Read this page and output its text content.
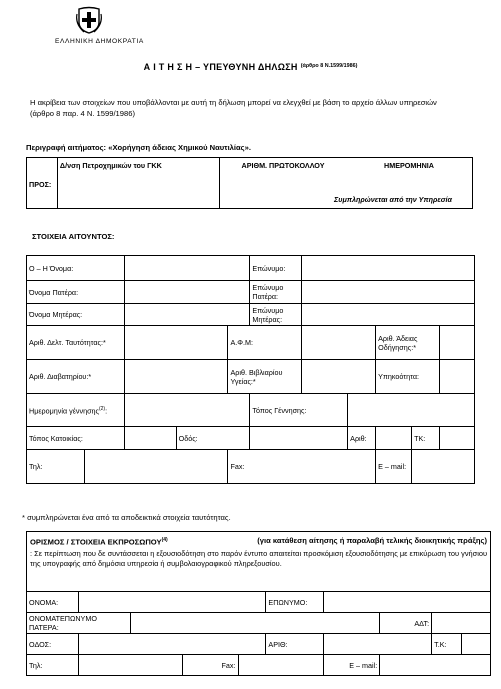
ΕΛΛΗΝΙΚΗ ΔΗΜΟΚΡΑΤΙΑ
Α Ι Τ Η Σ Η – ΥΠΕΥΘΥΝΗ ΔΗΛΩΣΗ $^{(ά\rho\theta\rho o 8 N.1599/1986)}$
Η ακρίβεια των στοιχείων που υποβάλλονται με αυτή τη δήλωση μπορεί να ελεγχθεί με βάση το αρχείο άλλων υπηρεσιών (άρθρο 8 παρ. 4 Ν. 1599/1986)
Περιγραφή αιτήματος: «Χορήγηση άδειας Χημικού Ναυτιλίας».
ΠΡΟΣ:	Δ/νση Πετροχημικών του ΓΚΚ	ΑΡΙΘΜ. ΠΡΩΤΟΚΟΛΛΟΥ	ΗΜΕΡΟΜΗΝΙΑ
Συμπληρώνεται από την Υπηρεσία
ΣΤΟΙΧΕΙΑ ΑΙΤΟΥΝΤΟΣ:
Ο – Η Όνομα:					Επώνυμο:					
Όνομα Πατέρα:					Επώνυμο Πατέρα:					
Όνομα Μητέρας:					Επώνυμο Μητέρας:					
Αριθ. Δελτ. Ταυτότητας:*				Α.Φ.Μ:				Αριθ. Άδειας Οδήγησης:*		
Αριθ. Διαβατηρίου:*				Αριθ. Βιβλιαρίου Υγείας:*				Υπηκοότητα:		
Ημερομηνία γέννησης$^{(2)}$:					Τόπος Γέννησης:					
Τόπος Κατοικίας:			Οδός:				Αριθ:		ΤΚ:	
Τηλ:				Fax:				Ε – mail:		
* συμπληρώνεται ένα από τα αποδεικτικά στοιχεία ταυτότητας.
ΟΡΙΣΜΟΣ / ΣΤΟΙΧΕΙΑ ΕΚΠΡΟΣΩΠΟΥ$^{(4)}$ (για κατάθεση αίτησης ή παραλαβή τελικής διοικητικής πράξης)
: Σε περίπτωση που δε συντάσσεται η εξουσιοδότηση στο παρόν έντυπο απαιτείται προσκόμιση εξουσιοδότησης με επικύρωση του γνήσιου της υπογραφής από δημόσια υπηρεσία ή συμβολαιογραφικού πληρεξουσίου.									

ΟΝΟΜΑ:					ΕΠΩΝΥΜΟ:				
ΟΝΟΜΑΤΕΠΩΝΥΜΟ ΠΑΤΕΡΑ:							ΑΔΤ:		
ΟΔΟΣ:					ΑΡΙΘ:			Τ.Κ:	
Τηλ:			Fax:			E – mail:			
